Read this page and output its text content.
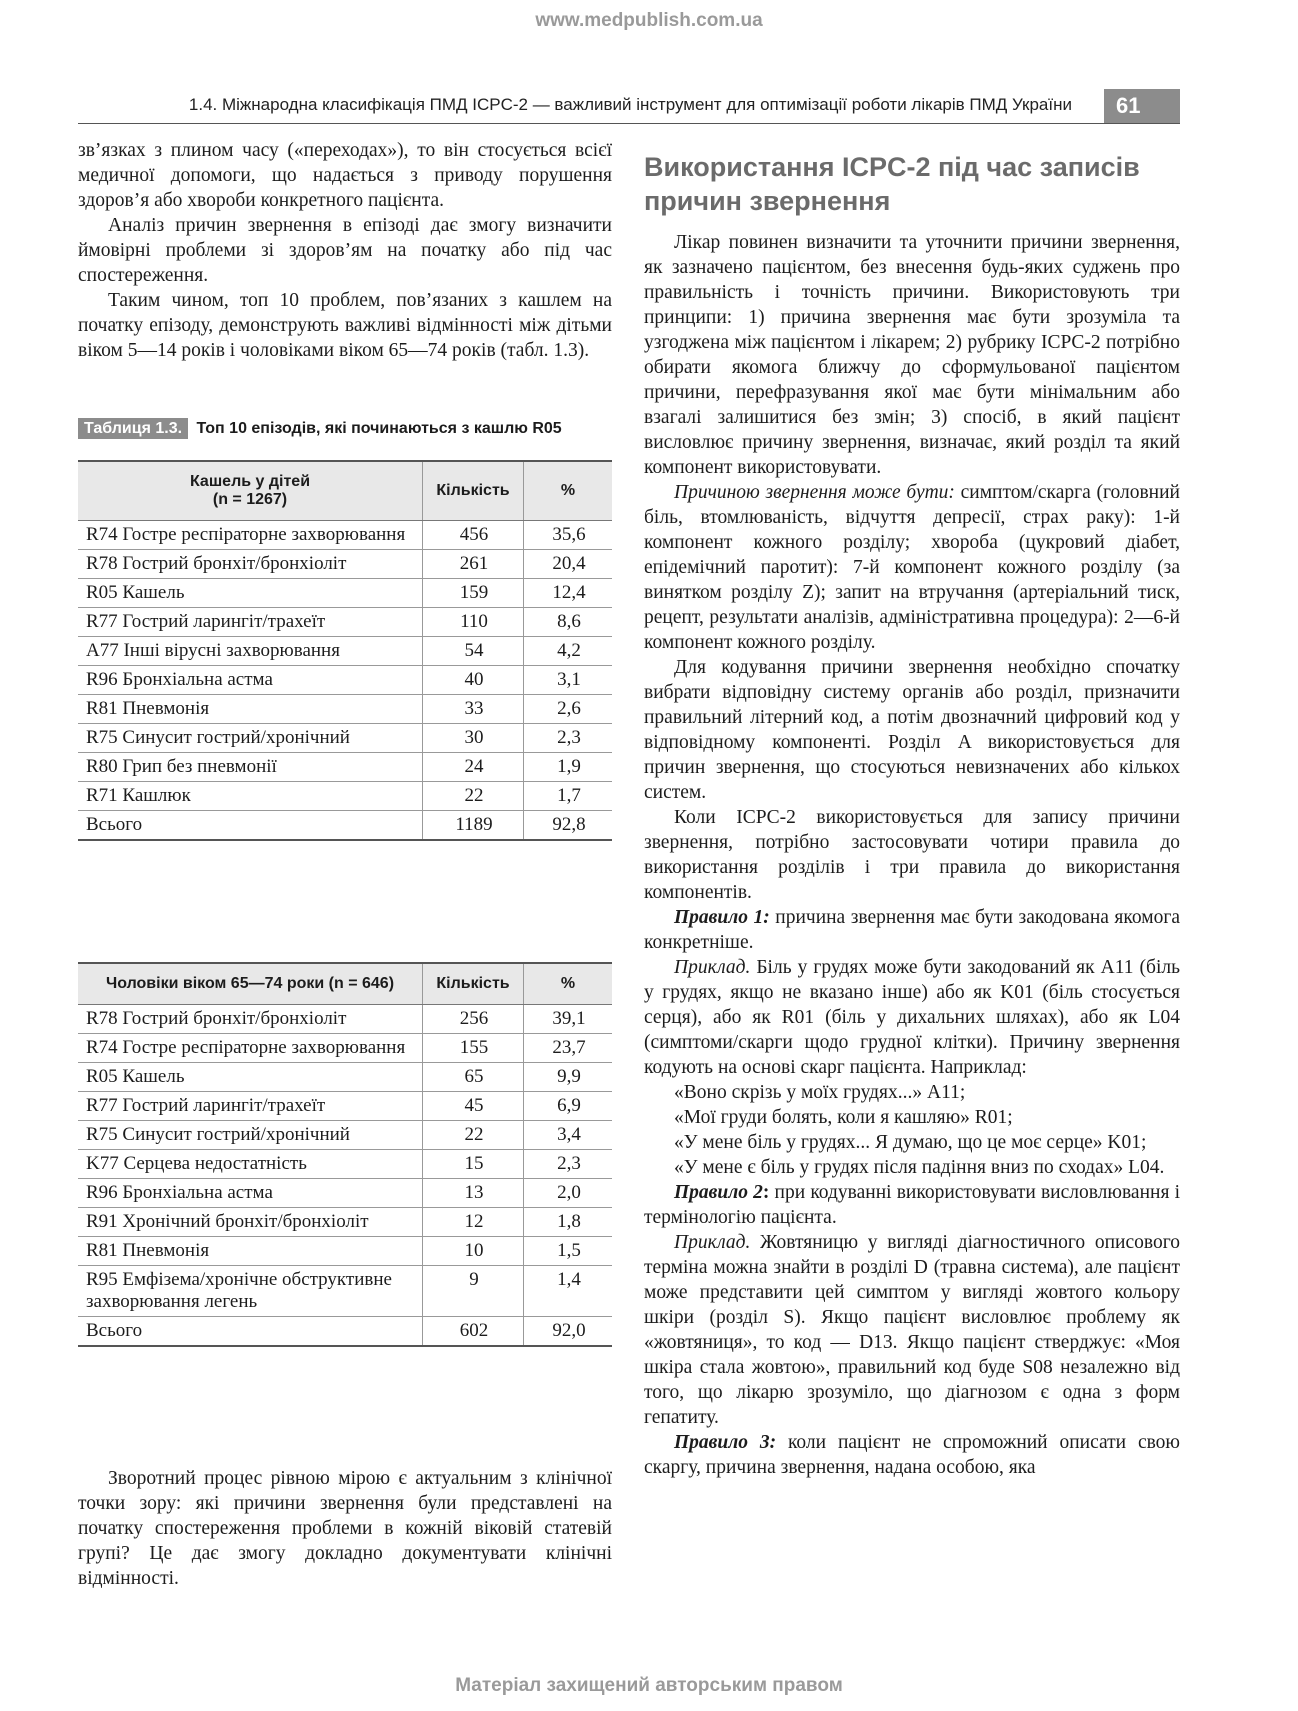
www.medpublish.com.ua
1.4. Міжнародна класифікація ПМД ICPC-2 — важливий інструмент для оптимізації роботи лікарів ПМД України	61

зв’язках з плином часу («переходах»), то він стосується всієї медичної допомоги, що надається з приводу порушення здоров’я або хвороби конкретного пацієнта.

Аналіз причин звернення в епізоді дає змогу визначити ймовірні проблеми зі здоров’ям на початку або під час спостереження.

Таким чином, топ 10 проблем, пов’язаних з кашлем на початку епізоду, демонструють важливі відмінності між дітьми віком 5—14 років і чоловіками віком 65—74 років (табл. 1.3).

Таблиця 1.3. Топ 10 епізодів, які починаються з кашлю R05
Кашель у дітей
(n = 1267)	Кількість	%
R74 Гостре респіраторне захворювання	456	35,6
R78 Гострий бронхіт/бронхіоліт	261	20,4
R05 Кашель	159	12,4
R77 Гострий ларингіт/трахеїт	110	8,6
A77 Інші вірусні захворювання	54	4,2
R96 Бронхіальна астма	40	3,1
R81 Пневмонія	33	2,6
R75 Синусит гострий/хронічний	30	2,3
R80 Грип без пневмонії	24	1,9
R71 Кашлюк	22	1,7
Всього	1189	92,8
Чоловіки віком 65—74 роки (n = 646)	Кількість	%
R78 Гострий бронхіт/бронхіоліт	256	39,1
R74 Гостре респіраторне захворювання	155	23,7
R05 Кашель	65	9,9
R77 Гострий ларингіт/трахеїт	45	6,9
R75 Синусит гострий/хронічний	22	3,4
K77 Серцева недостатність	15	2,3
R96 Бронхіальна астма	13	2,0
R91 Хронічний бронхіт/бронхіоліт	12	1,8
R81 Пневмонія	10	1,5
R95 Емфізема/хронічне обструктивне захворювання легень	9	1,4
Всього	602	92,0

Зворотний процес рівною мірою є актуальним з клінічної точки зору: які причини звернення були представлені на початку спостереження проблеми в кожній віковій статевій групі? Це дає змогу докладно документувати клінічні відмінності.

Використання ICPC-2 під час записів причин звернення

Лікар повинен визначити та уточнити причини звернення, як зазначено пацієнтом, без внесення будь-яких суджень про правильність і точність причини. Використовують три принципи: 1) причина звернення має бути зрозуміла та узгоджена між пацієнтом і лікарем; 2) рубрику ICPC-2 потрібно обирати якомога ближчу до сформульованої пацієнтом причини, перефразування якої має бути мінімальним або взагалі залишитися без змін; 3) спосіб, в який пацієнт висловлює причину звернення, визначає, який розділ та який компонент використовувати.

Причиною звернення може бути: симптом/скарга (головний біль, втомлюваність, відчуття депресії, страх раку): 1-й компонент кожного розділу; хвороба (цукровий діабет, епідемічний паротит): 7-й компонент кожного розділу (за винятком розділу Z); запит на втручання (артеріальний тиск, рецепт, результати аналізів, адміністративна процедура): 2—6-й компонент кожного розділу.

Для кодування причини звернення необхідно спочатку вибрати відповідну систему органів або розділ, призначити правильний літерний код, а потім двозначний цифровий код у відповідному компоненті. Розділ A використовується для причин звернення, що стосуються невизначених або кількох систем.

Коли ICPC-2 використовується для запису причини звернення, потрібно застосовувати чотири правила до використання розділів і три правила до використання компонентів.

Правило 1: причина звернення має бути закодована якомога конкретніше.

Приклад. Біль у грудях може бути закодований як A11 (біль у грудях, якщо не вказано інше) або як K01 (біль стосується серця), або як R01 (біль у дихальних шляхах), або як L04 (симптоми/скарги щодо грудної клітки). Причину звернення кодують на основі скарг пацієнта. Наприклад:

«Воно скрізь у моїх грудях...» A11;

«Мої груди болять, коли я кашляю» R01;

«У мене біль у грудях... Я думаю, що це моє серце» K01;

«У мене є біль у грудях після падіння вниз по сходах» L04.

Правило 2: при кодуванні використовувати висловлювання і термінологію пацієнта.

Приклад. Жовтяницю у вигляді діагностичного описового терміна можна знайти в розділі D (травна система), але пацієнт може представити цей симптом у вигляді жовтого кольору шкіри (розділ S). Якщо пацієнт висловлює проблему як «жовтяниця», то код — D13. Якщо пацієнт стверджує: «Моя шкіра стала жовтою», правильний код буде S08 незалежно від того, що лікарю зрозуміло, що діагнозом є одна з форм гепатиту.

Правило 3: коли пацієнт не спроможний описати свою скаргу, причина звернення, надана особою, яка

Матеріал захищений авторським правом
